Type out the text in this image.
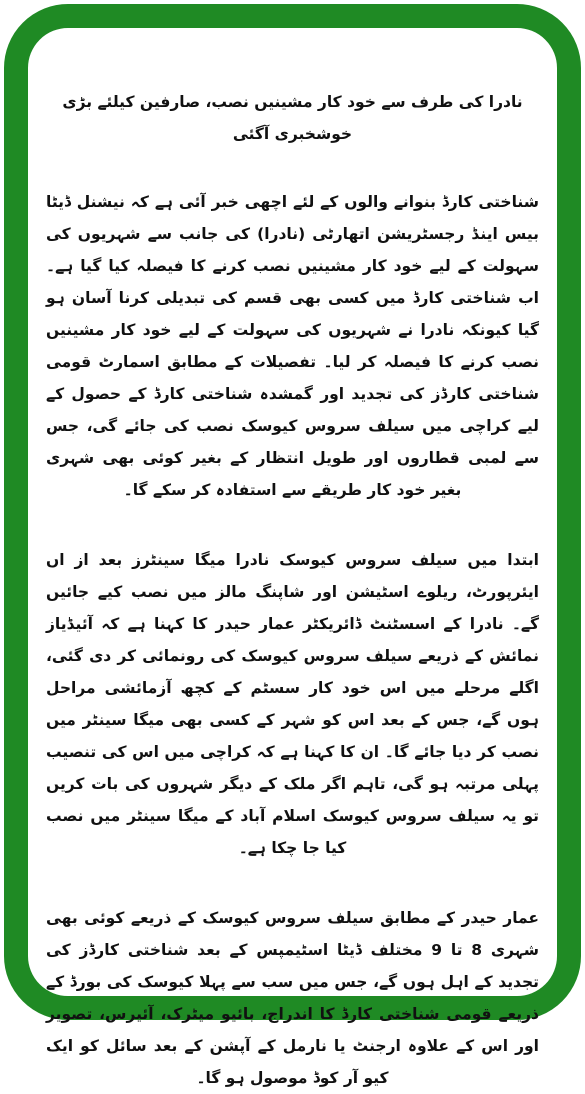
نادرا کی طرف سے خود کار مشینیں نصب، صارفین کیلئے بڑی خوشخبری آگئی

شناختی کارڈ بنوانے والوں کے لئے اچھی خبر آئی ہے کہ نیشنل ڈیٹا بیس اینڈ رجسٹریشن اتھارٹی (نادرا) کی جانب سے شہریوں کی سہولت کے لیے خود کار مشینیں نصب کرنے کا فیصلہ کیا گیا ہے۔ اب شناختی کارڈ میں کسی بھی قسم کی تبدیلی کرنا آسان ہو گیا کیونکہ نادرا نے شہریوں کی سہولت کے لیے خود کار مشینیں نصب کرنے کا فیصلہ کر لیا۔ تفصیلات کے مطابق اسمارٹ قومی شناختی کارڈز کی تجدید اور گمشدہ شناختی کارڈ کے حصول کے لیے کراچی میں سیلف سروس کیوسک نصب کی جائے گی، جس سے لمبی قطاروں اور طویل انتظار کے بغیر کوئی بھی شہری بغیر خود کار طریقے سے استفادہ کر سکے گا۔

ابتدا میں سیلف سروس کیوسک نادرا میگا سینٹرز بعد از اں ایئرپورٹ، ریلوے اسٹیشن اور شاپنگ مالز میں نصب کیے جائیں گے۔ نادرا کے اسسٹنٹ ڈائریکٹر عمار حیدر کا کہنا ہے کہ آئیڈیاز نمائش کے ذریعے سیلف سروس کیوسک کی رونمائی کر دی گئی، اگلے مرحلے میں اس خود کار سسٹم کے کچھ آزمائشی مراحل ہوں گے، جس کے بعد اس کو شہر کے کسی بھی میگا سینٹر میں نصب کر دیا جائے گا۔ ان کا کہنا ہے کہ کراچی میں اس کی تنصیب پہلی مرتبہ ہو گی، تاہم اگر ملک کے دیگر شہروں کی بات کریں تو یہ سیلف سروس کیوسک اسلام آباد کے میگا سینٹر میں نصب کیا جا چکا ہے۔

عمار حیدر کے مطابق سیلف سروس کیوسک کے ذریعے کوئی بھی شہری 8 تا 9 مختلف ڈیٹا اسٹیمپس کے بعد شناختی کارڈز کی تجدید کے اہل ہوں گے، جس میں سب سے پہلا کیوسک کی بورڈ کے ذریعے قومی شناختی کارڈ کا اندراج، بائیو میٹرک، آئیرس، تصویر اور اس کے علاوہ ارجنٹ یا نارمل کے آپشن کے بعد سائل کو ایک کیو آر کوڈ موصول ہو گا۔
